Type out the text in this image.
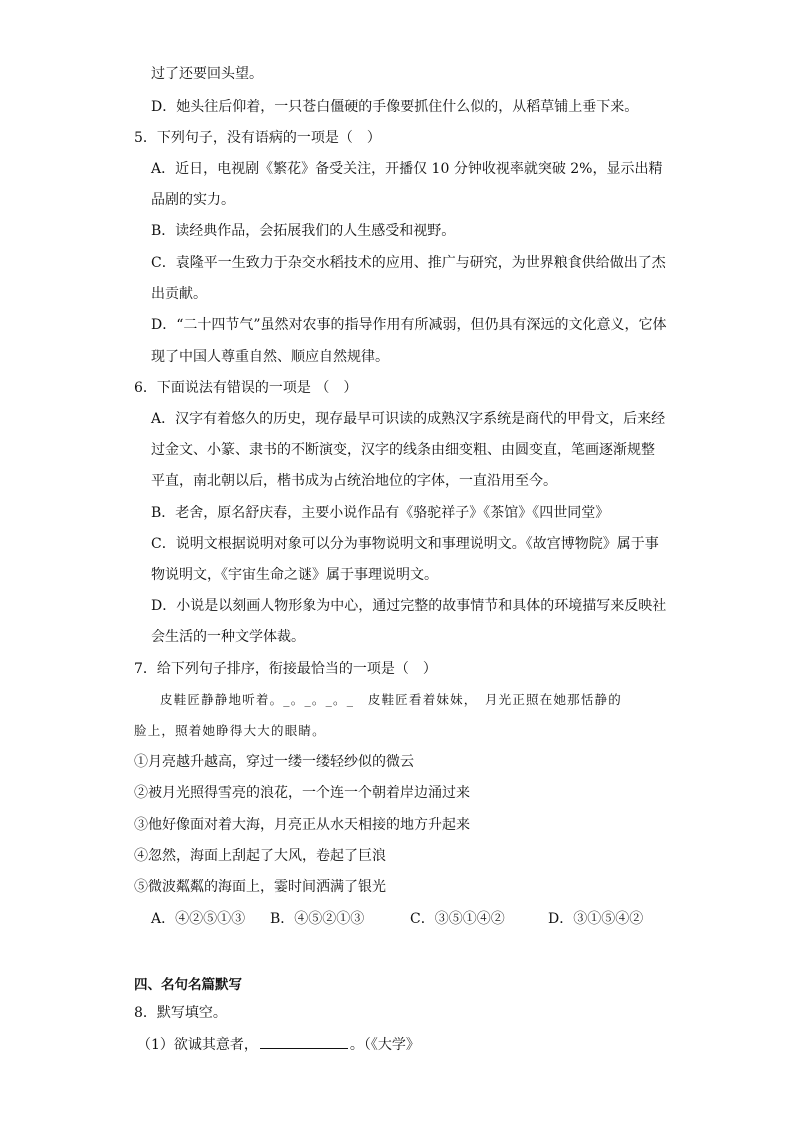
过了还要回头望。
D．她头往后仰着，一只苍白僵硬的手像要抓住什么似的，从稻草铺上垂下来。
5．下列句子，没有语病的一项是（　）
A．近日，电视剧《繁花》备受关注，开播仅 10 分钟收视率就突破 2%，显示出精
品剧的实力。
B．读经典作品，会拓展我们的人生感受和视野。
C．袁隆平一生致力于杂交水稻技术的应用、推广与研究，为世界粮食供给做出了杰
出贡献。
D．“二十四节气”虽然对农事的指导作用有所减弱，但仍具有深远的文化意义，它体
现了中国人尊重自然、顺应自然规律。
6．下面说法有错误的一项是 （　）
A．汉字有着悠久的历史，现存最早可识读的成熟汉字系统是商代的甲骨文，后来经
过金文、小篆、隶书的不断演变，汉字的线条由细变粗、由圆变直，笔画逐渐规整
平直，南北朝以后，楷书成为占统治地位的字体，一直沿用至今。
B．老舍，原名舒庆春，主要小说作品有《骆驼祥子》《茶馆》《四世同堂》
C．说明文根据说明对象可以分为事物说明文和事理说明文。《故宫博物院》属于事
物说明文，《宇宙生命之谜》属于事理说明文。
D．小说是以刻画人物形象为中心，通过完整的故事情节和具体的环境描写来反映社
会生活的一种文学体裁。
7．给下列句子排序，衔接最恰当的一项是（　）
皮鞋匠静静地听着。_。_。_。_　皮鞋匠看着妹妹，　月光正照在她那恬静的
脸上，照着她睁得大大的眼睛。
①月亮越升越高，穿过一缕一缕轻纱似的微云
②被月光照得雪亮的浪花，一个连一个朝着岸边涌过来
③他好像面对着大海，月亮正从水天相接的地方升起来
④忽然，海面上刮起了大风，卷起了巨浪
⑤微波粼粼的海面上，霎时间洒满了银光
A．④②⑤①③ B．④⑤②①③	C．③⑤①④②	D．③①⑤④②
四、名句名篇默写
8．默写填空。
（1）欲诚其意者，	。（《大学》
